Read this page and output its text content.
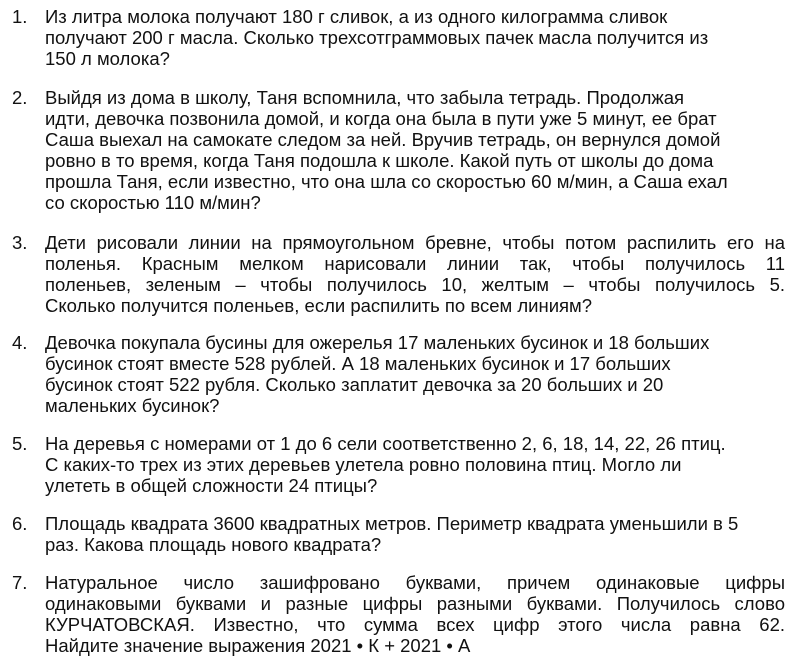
1. Из литра молока получают 180 г сливок, а из одного килограмма сливок
получают 200 г масла. Сколько трехсотграммовых пачек масла получится из
150 л молока?
2. Выйдя из дома в школу, Таня вспомнила, что забыла тетрадь. Продолжая
идти, девочка позвонила домой, и когда она была в пути уже 5 минут, ее брат
Саша выехал на самокате следом за ней. Вручив тетрадь, он вернулся домой
ровно в то время, когда Таня подошла к школе. Какой путь от школы до дома
прошла Таня, если известно, что она шла со скоростью 60 м/мин, а Саша ехал
со скоростью 110 м/мин?
3. Дети рисовали линии на прямоугольном бревне, чтобы потом распилить его на
поленья. Красным мелком нарисовали линии так, чтобы получилось 11
поленьев, зеленым – чтобы получилось 10, желтым – чтобы получилось 5.
Сколько получится поленьев, если распилить по всем линиям?
4. Девочка покупала бусины для ожерелья 17 маленьких бусинок и 18 больших
бусинок стоят вместе 528 рублей. А 18 маленьких бусинок и 17 больших
бусинок стоят 522 рубля. Сколько заплатит девочка за 20 больших и 20
маленьких бусинок?
5. На деревья с номерами от 1 до 6 сели соответственно 2, 6, 18, 14, 22, 26 птиц.
С каких-то трех из этих деревьев улетела ровно половина птиц. Могло ли
улететь в общей сложности 24 птицы?
6. Площадь квадрата 3600 квадратных метров. Периметр квадрата уменьшили в 5
раз. Какова площадь нового квадрата?
7. Натуральное число зашифровано буквами, причем одинаковые цифры
одинаковыми буквами и разные цифры разными буквами. Получилось слово
КУРЧАТОВСКАЯ. Известно, что сумма всех цифр этого числа равна 62.
Найдите значение выражения 2021 • К + 2021 • А
